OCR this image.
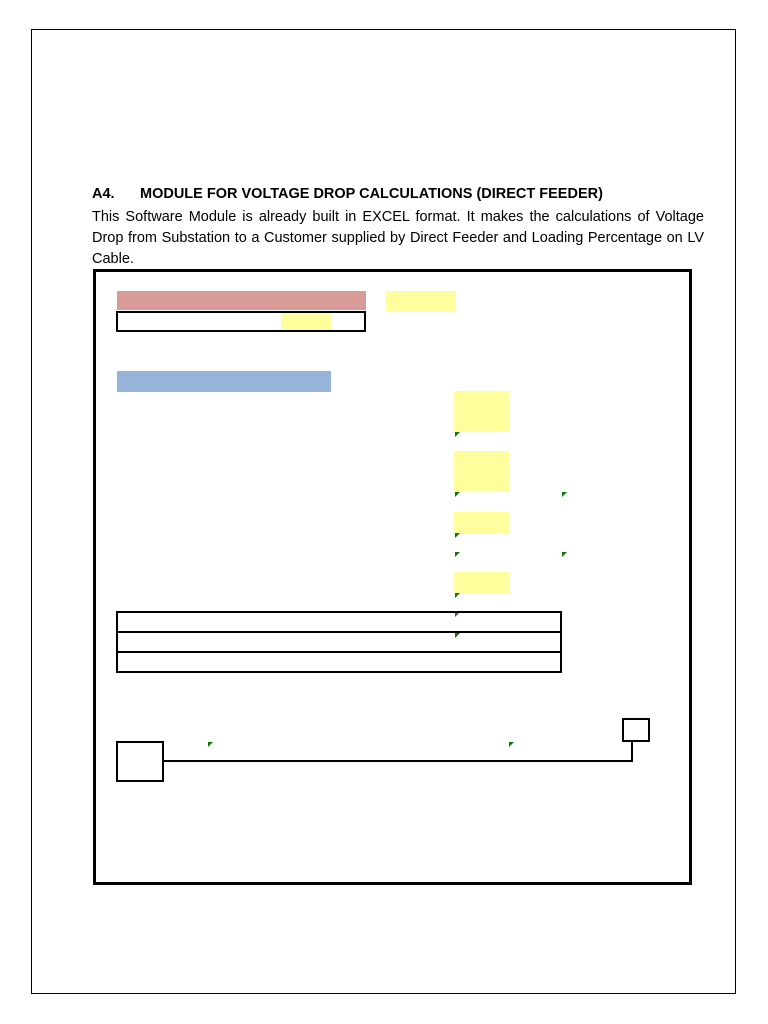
A4. MODULE FOR VOLTAGE DROP CALCULATIONS (DIRECT FEEDER)
This Software Module is already built in EXCEL format. It makes the calculations of Voltage Drop from Substation to a Customer supplied by Direct Feeder and Loading Percentage on LV Cable.
